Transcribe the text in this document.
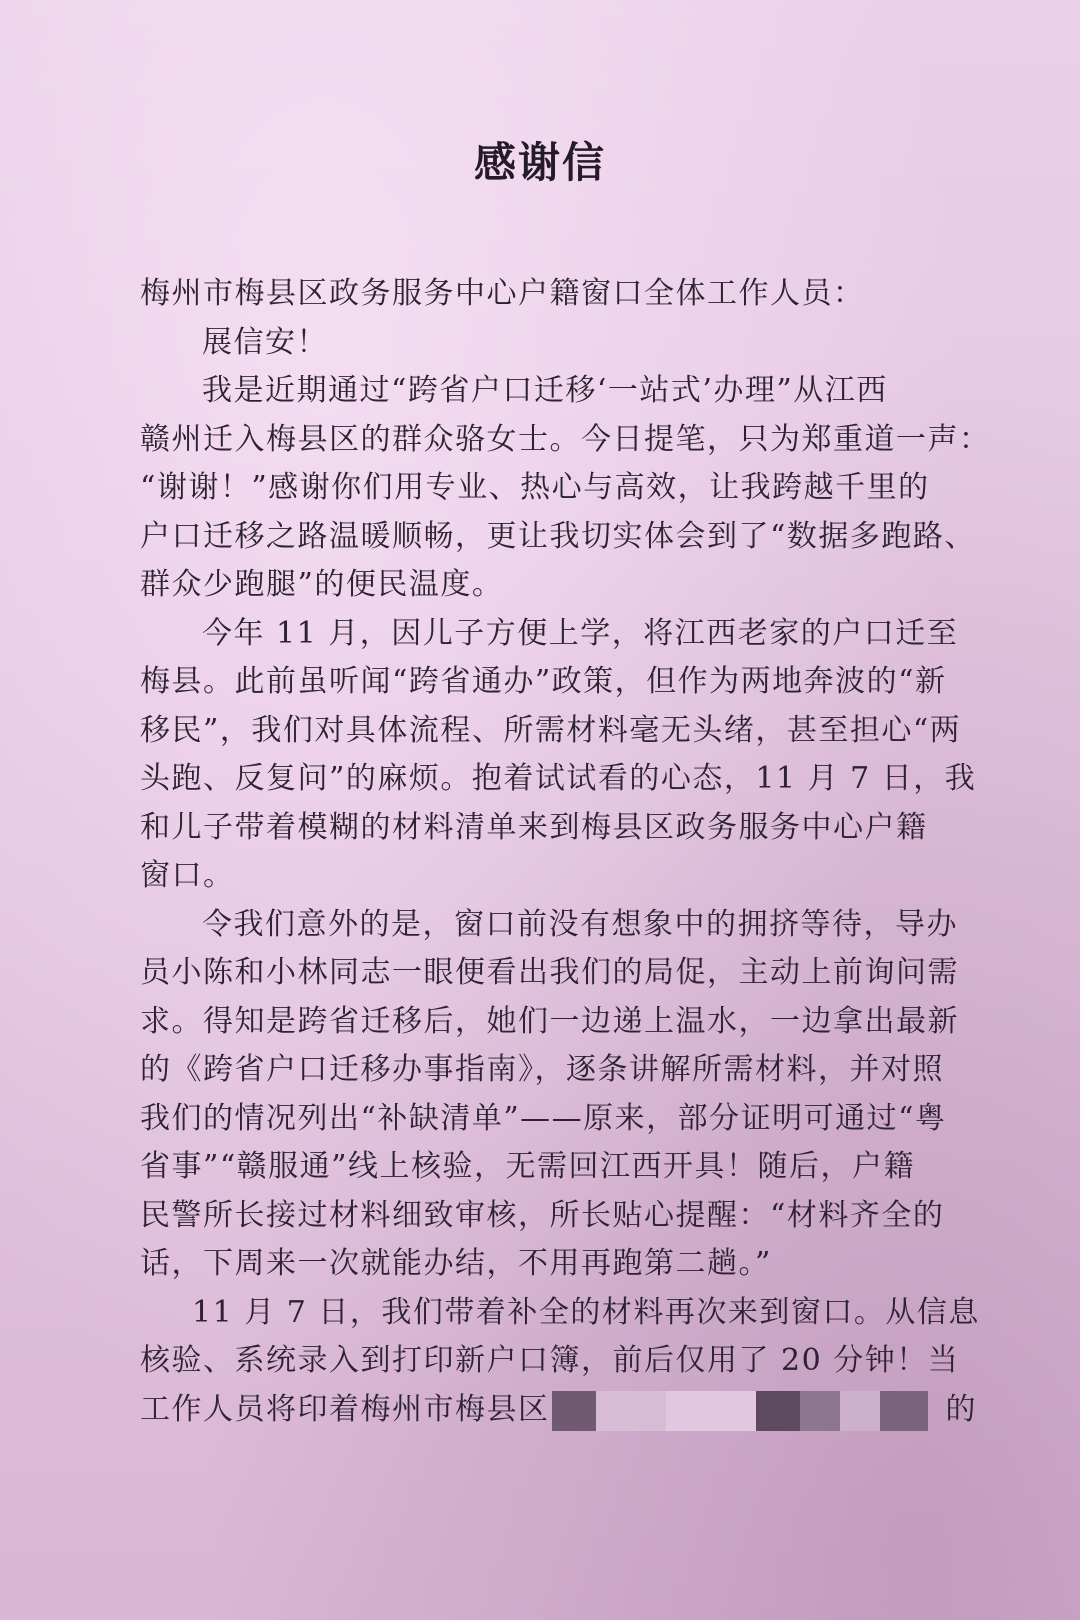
感谢信
梅州市梅县区政务服务中心户籍窗口全体工作人员：
展信安！
我是近期通过“跨省户口迁移‘一站式’办理”从江西
赣州迁入梅县区的群众骆女士。今日提笔，只为郑重道一声：
“谢谢！”感谢你们用专业、热心与高效，让我跨越千里的
户口迁移之路温暖顺畅，更让我切实体会到了“数据多跑路、
群众少跑腿”的便民温度。
今年 11 月，因儿子方便上学，将江西老家的户口迁至
梅县。此前虽听闻“跨省通办”政策，但作为两地奔波的“新
移民”，我们对具体流程、所需材料毫无头绪，甚至担心“两
头跑、反复问”的麻烦。抱着试试看的心态，11 月 7 日，我
和儿子带着模糊的材料清单来到梅县区政务服务中心户籍
窗口。
令我们意外的是，窗口前没有想象中的拥挤等待，导办
员小陈和小林同志一眼便看出我们的局促，主动上前询问需
求。得知是跨省迁移后，她们一边递上温水，一边拿出最新
的《跨省户口迁移办事指南》，逐条讲解所需材料，并对照
我们的情况列出“补缺清单”——原来，部分证明可通过“粤
省事”“赣服通”线上核验，无需回江西开具！随后，户籍
民警所长接过材料细致审核，所长贴心提醒：“材料齐全的
话，下周来一次就能办结，不用再跑第二趟。”
11 月 7 日，我们带着补全的材料再次来到窗口。从信息
核验、系统录入到打印新户口簿，前后仅用了 20 分钟！当
工作人员将印着梅州市梅县区	的
